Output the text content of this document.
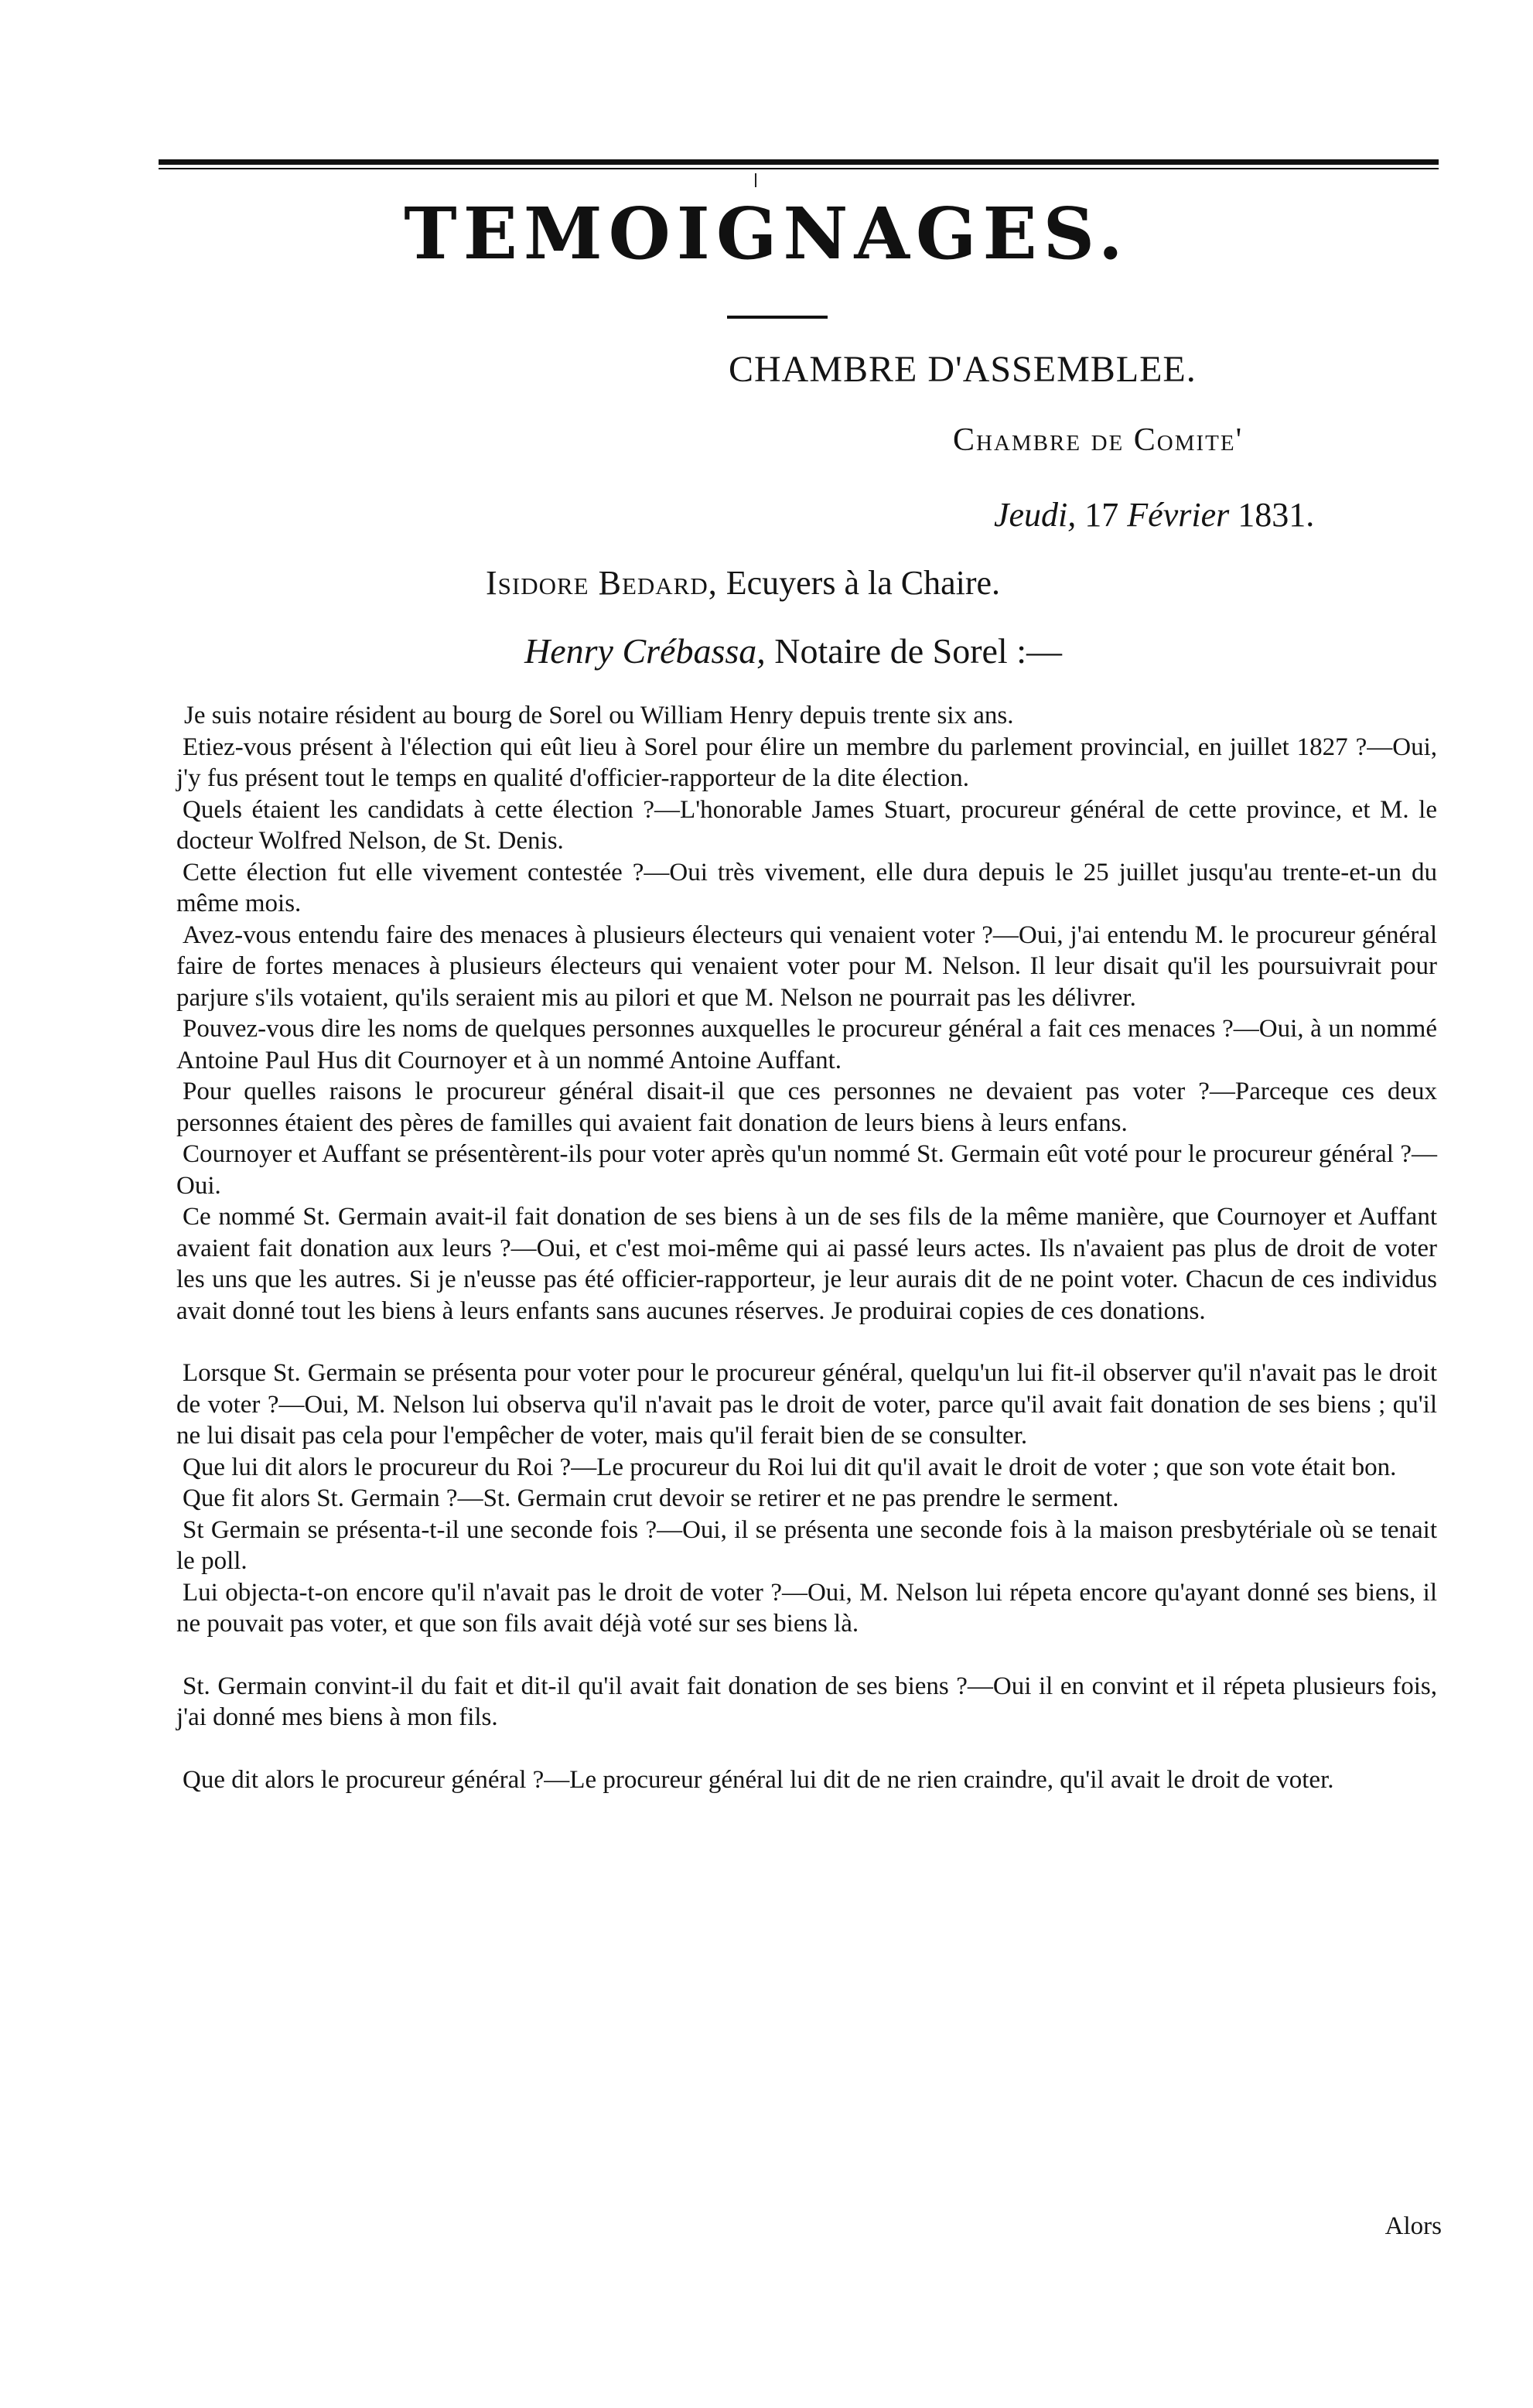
TEMOIGNAGES.
CHAMBRE D'ASSEMBLEE.
Chambre de Comite'
Jeudi, 17 Février 1831.
Isidore Bedard, Ecuyers à la Chaire.
Henry Crébassa, Notaire de Sorel :—

Je suis notaire résident au bourg de Sorel ou William Henry depuis trente six ans.

Etiez-vous présent à l'élection qui eût lieu à Sorel pour élire un membre du parlement provincial, en juillet 1827 ?—Oui, j'y fus présent tout le temps en qualité d'officier-rapporteur de la dite élection.

Quels étaient les candidats à cette élection ?—L'honorable James Stuart, procureur général de cette province, et M. le docteur Wolfred Nelson, de St. Denis.

Cette élection fut elle vivement contestée ?—Oui très vivement, elle dura depuis le 25 juillet jusqu'au trente-et-un du même mois.

Avez-vous entendu faire des menaces à plusieurs électeurs qui venaient voter ?—Oui, j'ai entendu M. le procureur général faire de fortes menaces à plusieurs électeurs qui venaient voter pour M. Nelson. Il leur disait qu'il les poursuivrait pour parjure s'ils votaient, qu'ils seraient mis au pilori et que M. Nelson ne pourrait pas les délivrer.

Pouvez-vous dire les noms de quelques personnes auxquelles le procureur général a fait ces menaces ?—Oui, à un nommé Antoine Paul Hus dit Cournoyer et à un nommé Antoine Auffant.

Pour quelles raisons le procureur général disait-il que ces personnes ne devaient pas voter ?—Parceque ces deux personnes étaient des pères de familles qui avaient fait donation de leurs biens à leurs enfans.

Cournoyer et Auffant se présentèrent-ils pour voter après qu'un nommé St. Germain eût voté pour le procureur général ?—Oui.

Ce nommé St. Germain avait-il fait donation de ses biens à un de ses fils de la même manière, que Cournoyer et Auffant avaient fait donation aux leurs ?—Oui, et c'est moi-même qui ai passé leurs actes. Ils n'avaient pas plus de droit de voter les uns que les autres. Si je n'eusse pas été officier-rapporteur, je leur aurais dit de ne point voter. Chacun de ces individus avait donné tout les biens à leurs enfants sans aucunes réserves. Je produirai copies de ces donations.

Lorsque St. Germain se présenta pour voter pour le procureur général, quelqu'un lui fit-il observer qu'il n'avait pas le droit de voter ?—Oui, M. Nelson lui observa qu'il n'avait pas le droit de voter, parce qu'il avait fait donation de ses biens ; qu'il ne lui disait pas cela pour l'empêcher de voter, mais qu'il ferait bien de se consulter.

Que lui dit alors le procureur du Roi ?—Le procureur du Roi lui dit qu'il avait le droit de voter ; que son vote était bon.

Que fit alors St. Germain ?—St. Germain crut devoir se retirer et ne pas prendre le serment.

St Germain se présenta-t-il une seconde fois ?—Oui, il se présenta une seconde fois à la maison presbytériale où se tenait le poll.

Lui objecta-t-on encore qu'il n'avait pas le droit de voter ?—Oui, M. Nelson lui répeta encore qu'ayant donné ses biens, il ne pouvait pas voter, et que son fils avait déjà voté sur ses biens là.

St. Germain convint-il du fait et dit-il qu'il avait fait donation de ses biens ?—Oui il en convint et il répeta plusieurs fois, j'ai donné mes biens à mon fils.

Que dit alors le procureur général ?—Le procureur général lui dit de ne rien craindre, qu'il avait le droit de voter.

Alors
